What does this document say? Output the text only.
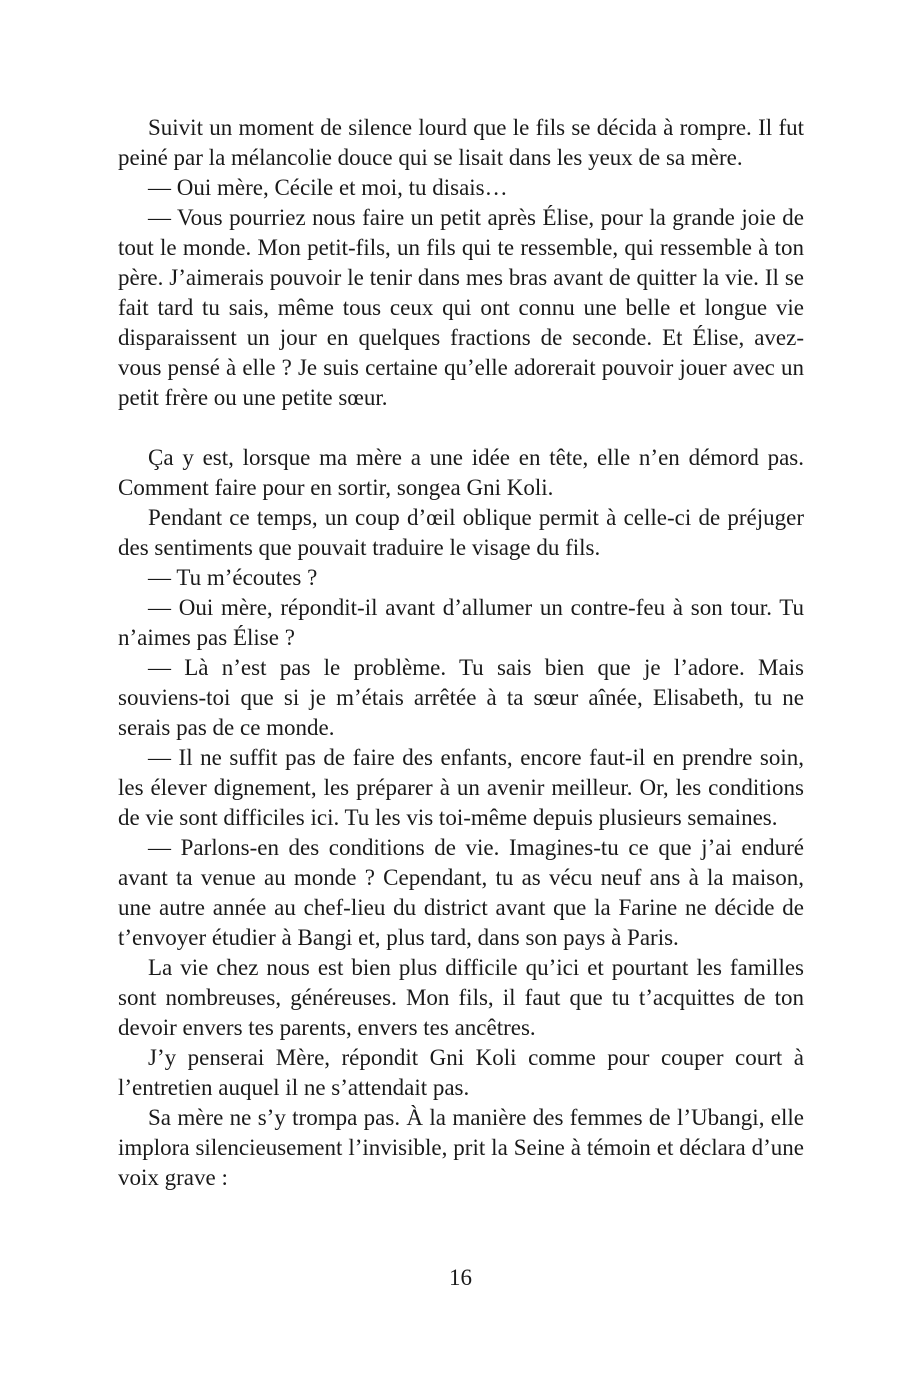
Suivit un moment de silence lourd que le fils se décida à rompre. Il fut peiné par la mélancolie douce qui se lisait dans les yeux de sa mère.

— Oui mère, Cécile et moi, tu disais…

— Vous pourriez nous faire un petit après Élise, pour la grande joie de tout le monde. Mon petit-fils, un fils qui te ressemble, qui ressemble à ton père. J’aimerais pouvoir le tenir dans mes bras avant de quitter la vie. Il se fait tard tu sais, même tous ceux qui ont connu une belle et longue vie disparaissent un jour en quelques fractions de seconde. Et Élise, avez-vous pensé à elle ? Je suis certaine qu’elle adorerait pouvoir jouer avec un petit frère ou une petite sœur.

Ça y est, lorsque ma mère a une idée en tête, elle n’en démord pas. Comment faire pour en sortir, songea Gni Koli.

Pendant ce temps, un coup d’œil oblique permit à celle-ci de préjuger des sentiments que pouvait traduire le visage du fils.

— Tu m’écoutes ?

— Oui mère, répondit-il avant d’allumer un contre-feu à son tour. Tu n’aimes pas Élise ?

— Là n’est pas le problème. Tu sais bien que je l’adore. Mais souviens-toi que si je m’étais arrêtée à ta sœur aînée, Elisabeth, tu ne serais pas de ce monde.

— Il ne suffit pas de faire des enfants, encore faut-il en prendre soin, les élever dignement, les préparer à un avenir meilleur. Or, les conditions de vie sont difficiles ici. Tu les vis toi-même depuis plusieurs semaines.

— Parlons-en des conditions de vie. Imagines-tu ce que j’ai enduré avant ta venue au monde ? Cependant, tu as vécu neuf ans à la maison, une autre année au chef-lieu du district avant que la Farine ne décide de t’envoyer étudier à Bangi et, plus tard, dans son pays à Paris.

La vie chez nous est bien plus difficile qu’ici et pourtant les familles sont nombreuses, généreuses. Mon fils, il faut que tu t’acquittes de ton devoir envers tes parents, envers tes ancêtres.

J’y penserai Mère, répondit Gni Koli comme pour couper court à l’entretien auquel il ne s’attendait pas.

Sa mère ne s’y trompa pas. À la manière des femmes de l’Ubangi, elle implora silencieusement l’invisible, prit la Seine à témoin et déclara d’une voix grave :

16
